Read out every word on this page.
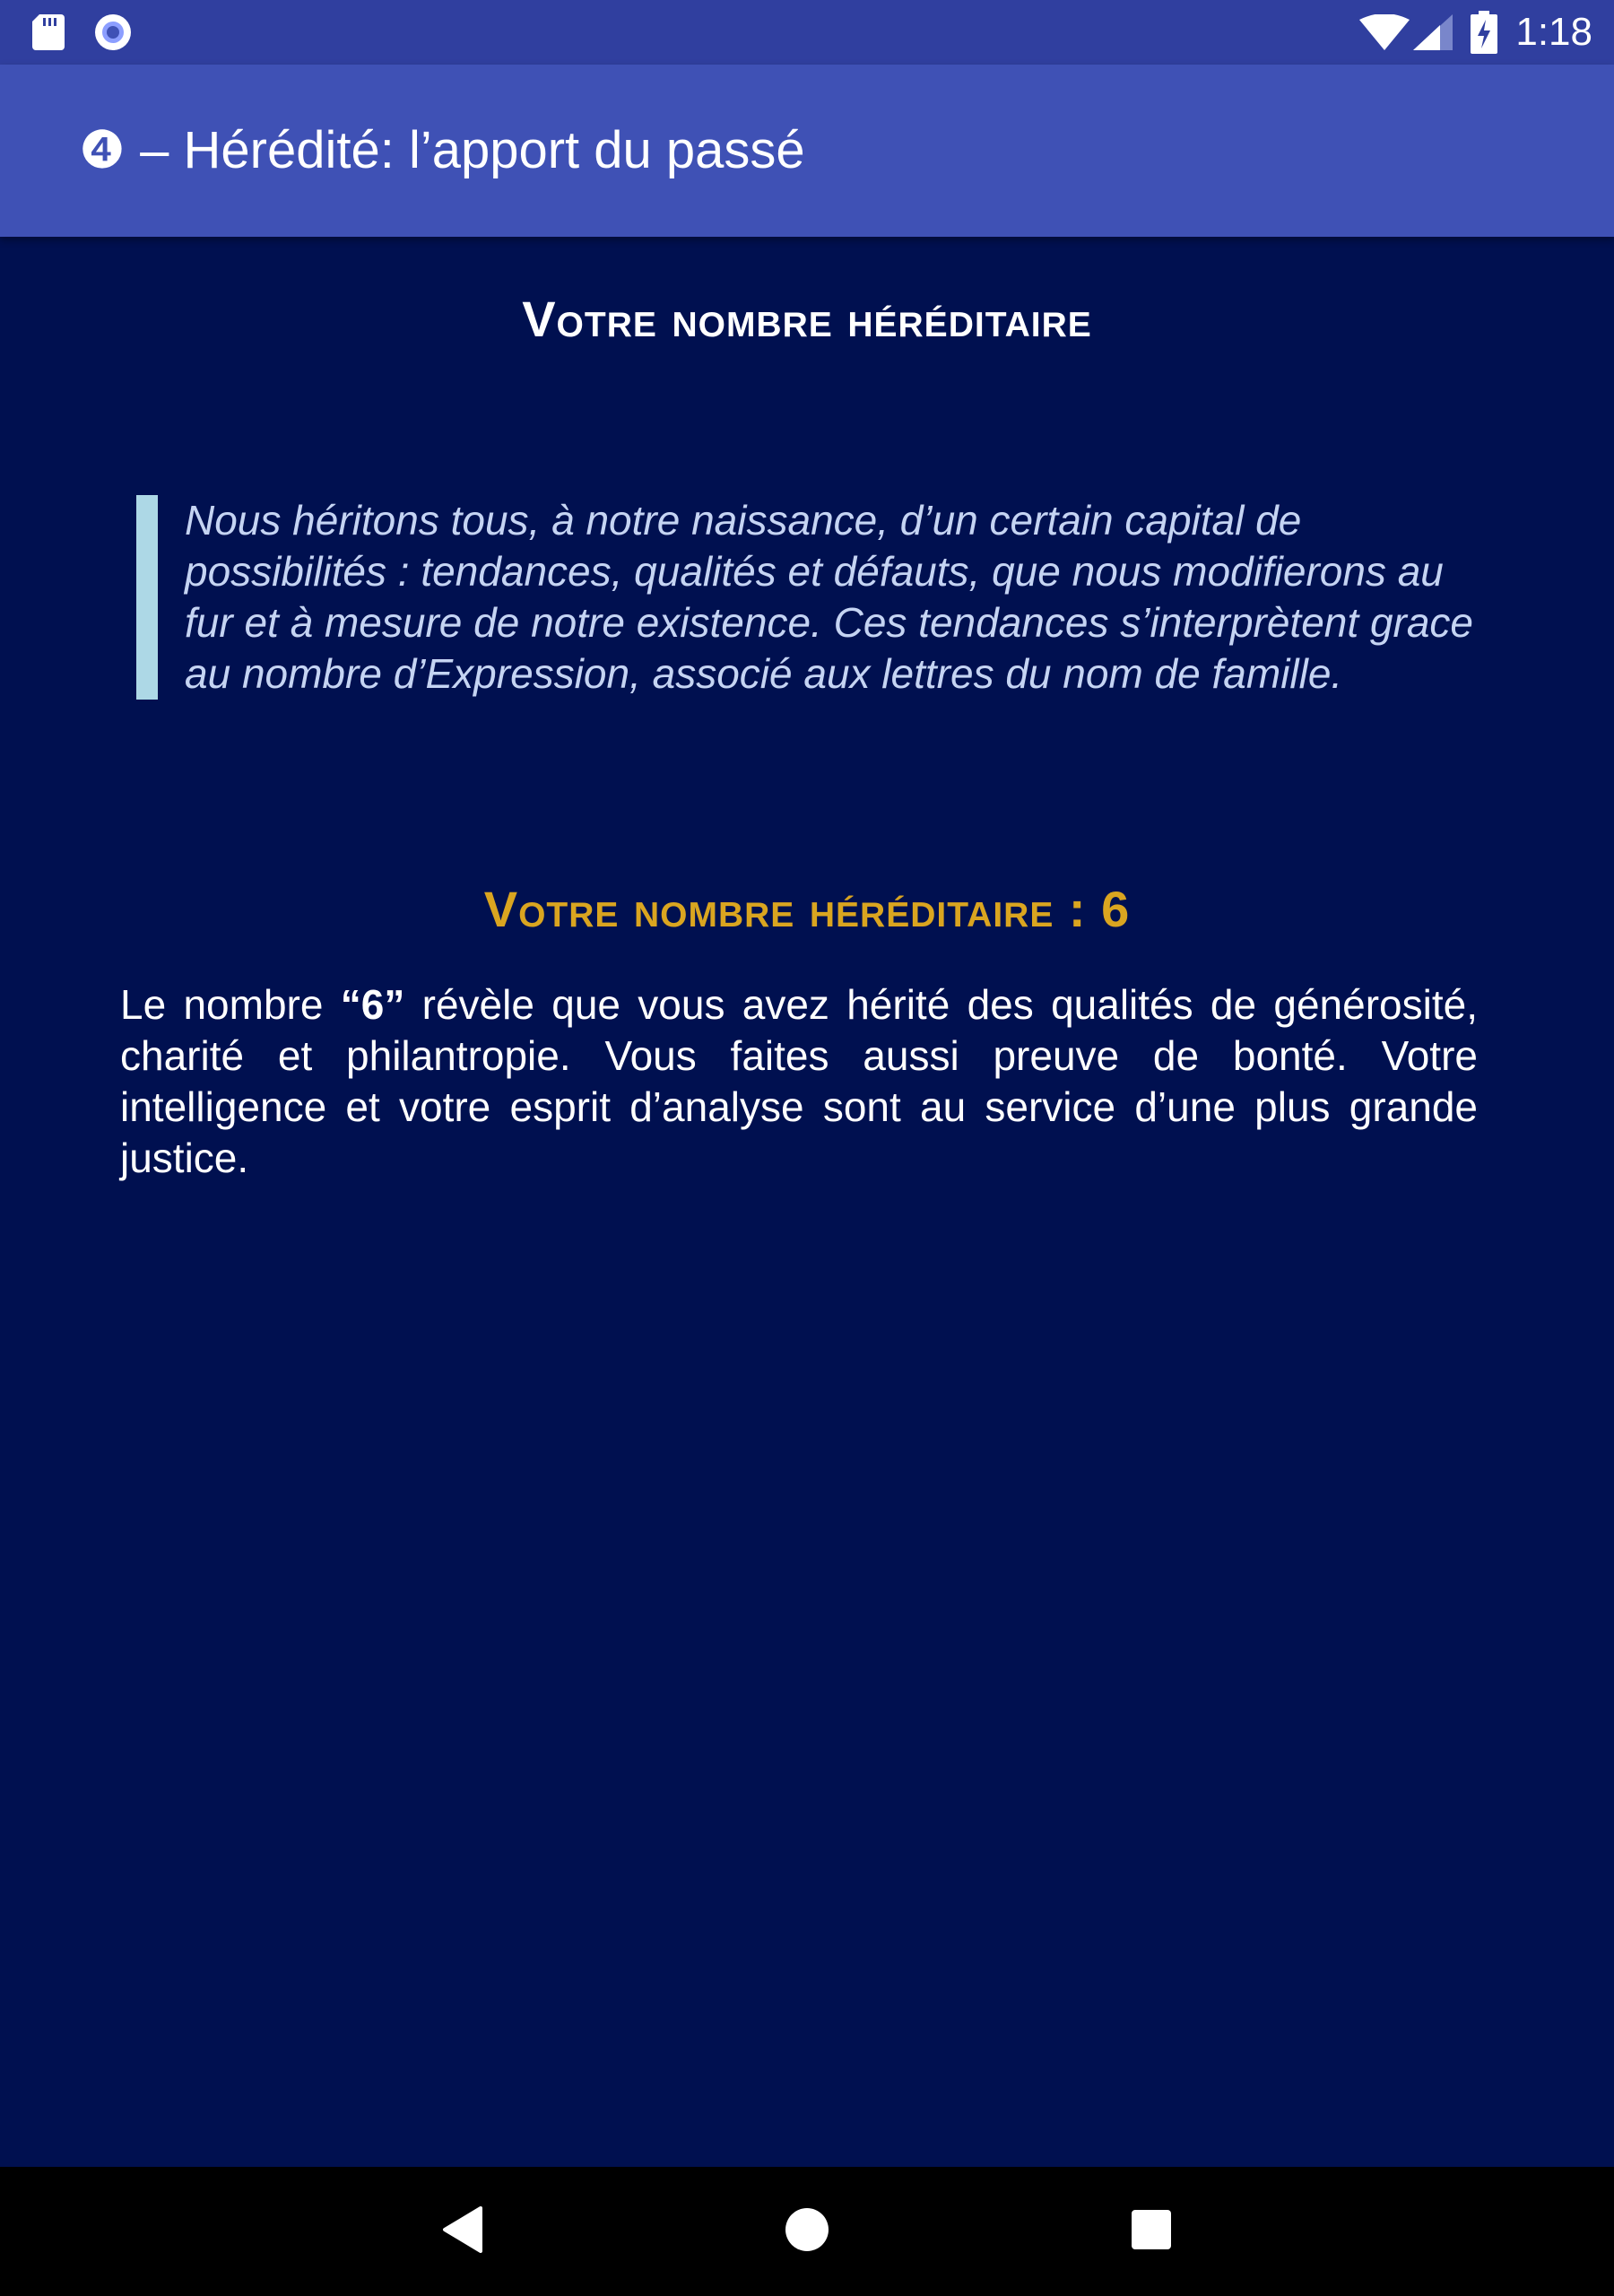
1:18
❹ – Hérédité: l’apport du passé
Votre nombre héréditaire
Nous héritons tous, à notre naissance, d’un certain capital de possibilités : tendances, qualités et défauts, que nous modifierons au fur et à mesure de notre existence. Ces tendances s’interprètent grace au nombre d’Expression, associé aux lettres du nom de famille.
Votre nombre héréditaire : 6
Le nombre “6” révèle que vous avez hérité des qualités de générosité, charité et philantropie. Vous faites aussi preuve de bonté. Votre intelligence et votre esprit d’analyse sont au service d’une plus grande justice.
